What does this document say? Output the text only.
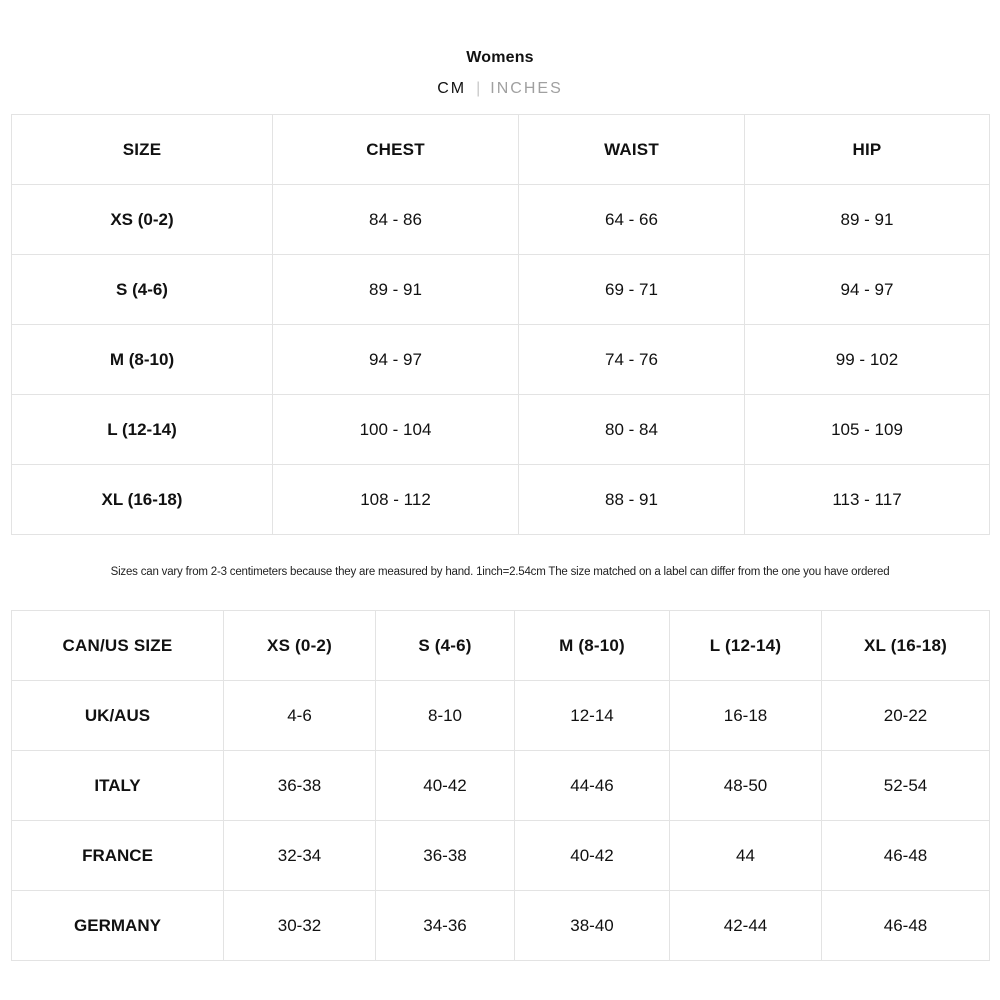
Womens
CM | INCHES
SIZE	CHEST	WAIST	HIP
XS (0-2)	84 - 86	64 - 66	89 - 91
S (4-6)	89 - 91	69 - 71	94 - 97
M (8-10)	94 - 97	74 - 76	99 - 102
L (12-14)	100 - 104	80 - 84	105 - 109
XL (16-18)	108 - 112	88 - 91	113 - 117
Sizes can vary from 2-3 centimeters because they are measured by hand. 1inch=2.54cm The size matched on a label can differ from the one you have ordered
CAN/US SIZE	XS (0-2)	S (4-6)	M (8-10)	L (12-14)	XL (16-18)
UK/AUS	4-6	8-10	12-14	16-18	20-22
ITALY	36-38	40-42	44-46	48-50	52-54
FRANCE	32-34	36-38	40-42	44	46-48
GERMANY	30-32	34-36	38-40	42-44	46-48
